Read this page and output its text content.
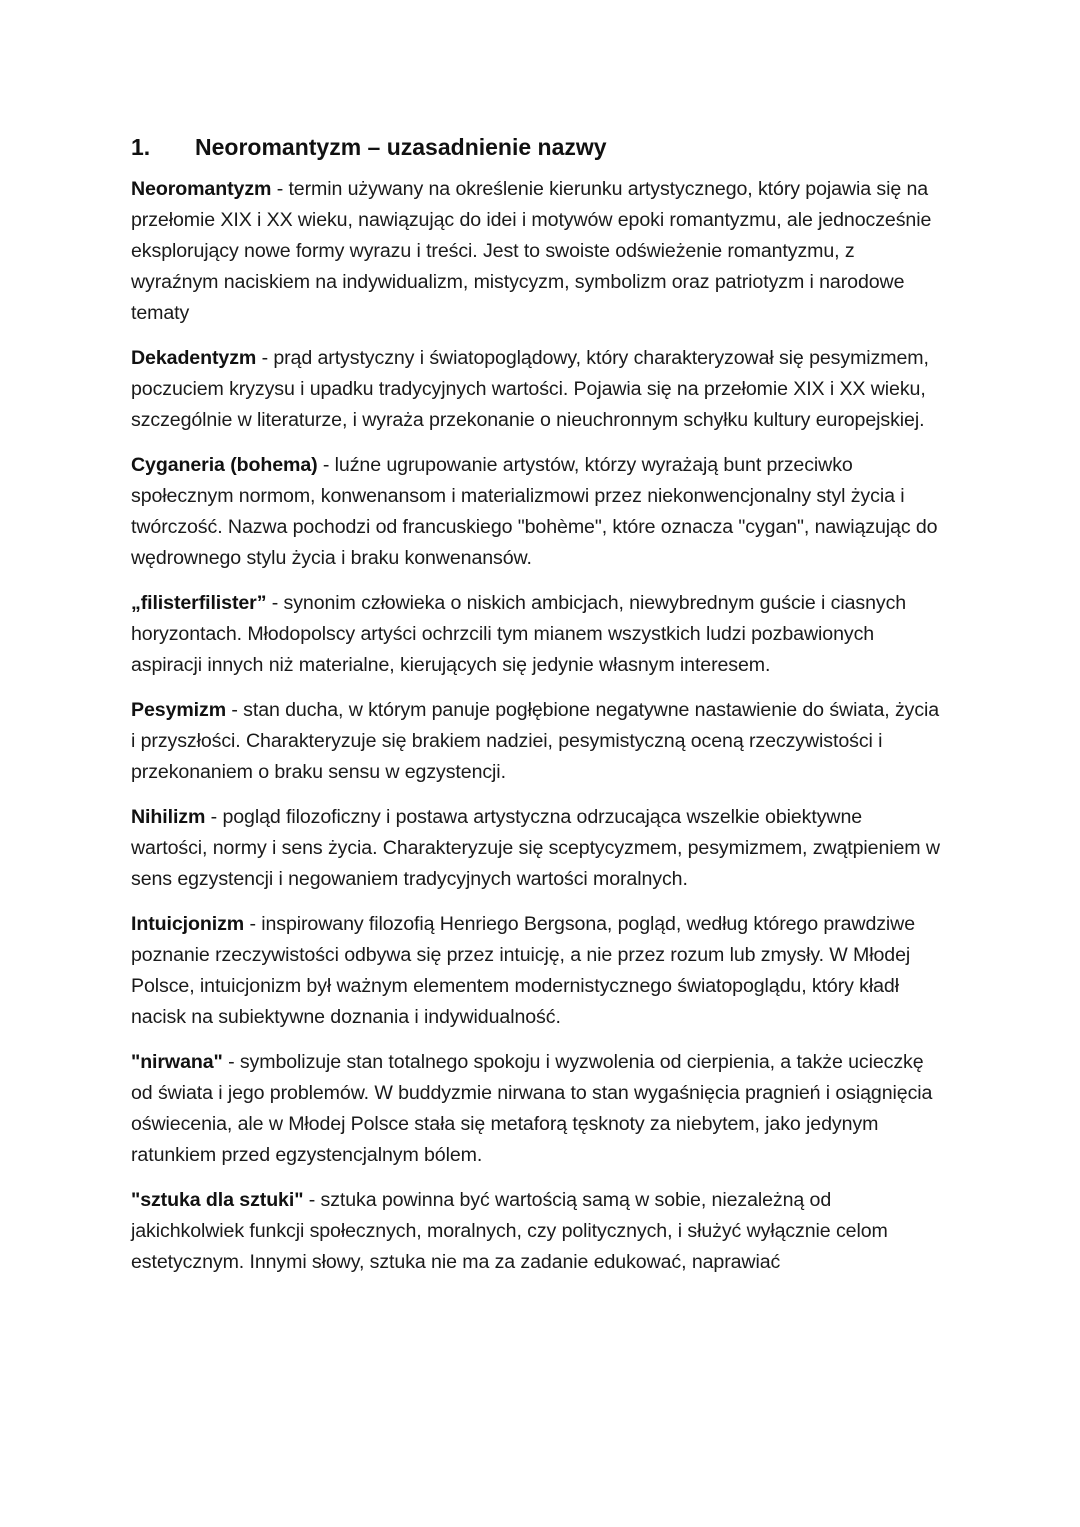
1.	Neoromantyzm – uzasadnienie nazwy

Neoromantyzm - termin używany na określenie kierunku artystycznego, który pojawia się na przełomie XIX i XX wieku, nawiązując do idei i motywów epoki romantyzmu, ale jednocześnie eksplorujący nowe formy wyrazu i treści. Jest to swoiste odświeżenie romantyzmu, z wyraźnym naciskiem na indywidualizm, mistycyzm, symbolizm oraz patriotyzm i narodowe tematy

Dekadentyzm - prąd artystyczny i światopoglądowy, który charakteryzował się pesymizmem, poczuciem kryzysu i upadku tradycyjnych wartości. Pojawia się na przełomie XIX i XX wieku, szczególnie w literaturze, i wyraża przekonanie o nieuchronnym schyłku kultury europejskiej.

Cyganeria (bohema) - luźne ugrupowanie artystów, którzy wyrażają bunt przeciwko społecznym normom, konwenansom i materializmowi przez niekonwencjonalny styl życia i twórczość. Nazwa pochodzi od francuskiego "bohème", które oznacza "cygan", nawiązując do wędrownego stylu życia i braku konwenansów.

„filisterfilister” - synonim człowieka o niskich ambicjach, niewybrednym guście i ciasnych horyzontach. Młodopolscy artyści ochrzcili tym mianem wszystkich ludzi pozbawionych aspiracji innych niż materialne, kierujących się jedynie własnym interesem.

Pesymizm - stan ducha, w którym panuje pogłębione negatywne nastawienie do świata, życia i przyszłości. Charakteryzuje się brakiem nadziei, pesymistyczną oceną rzeczywistości i przekonaniem o braku sensu w egzystencji.

Nihilizm - pogląd filozoficzny i postawa artystyczna odrzucająca wszelkie obiektywne wartości, normy i sens życia. Charakteryzuje się sceptycyzmem, pesymizmem, zwątpieniem w sens egzystencji i negowaniem tradycyjnych wartości moralnych.

Intuicjonizm - inspirowany filozofią Henriego Bergsona, pogląd, według którego prawdziwe poznanie rzeczywistości odbywa się przez intuicję, a nie przez rozum lub zmysły. W Młodej Polsce, intuicjonizm był ważnym elementem modernistycznego światopoglądu, który kładł nacisk na subiektywne doznania i indywidualność.

"nirwana" - symbolizuje stan totalnego spokoju i wyzwolenia od cierpienia, a także ucieczkę od świata i jego problemów. W buddyzmie nirwana to stan wygaśnięcia pragnień i osiągnięcia oświecenia, ale w Młodej Polsce stała się metaforą tęsknoty za niebytem, jako jedynym ratunkiem przed egzystencjalnym bólem.

"sztuka dla sztuki" - sztuka powinna być wartością samą w sobie, niezależną od jakichkolwiek funkcji społecznych, moralnych, czy politycznych, i służyć wyłącznie celom estetycznym. Innymi słowy, sztuka nie ma za zadanie edukować, naprawiać
